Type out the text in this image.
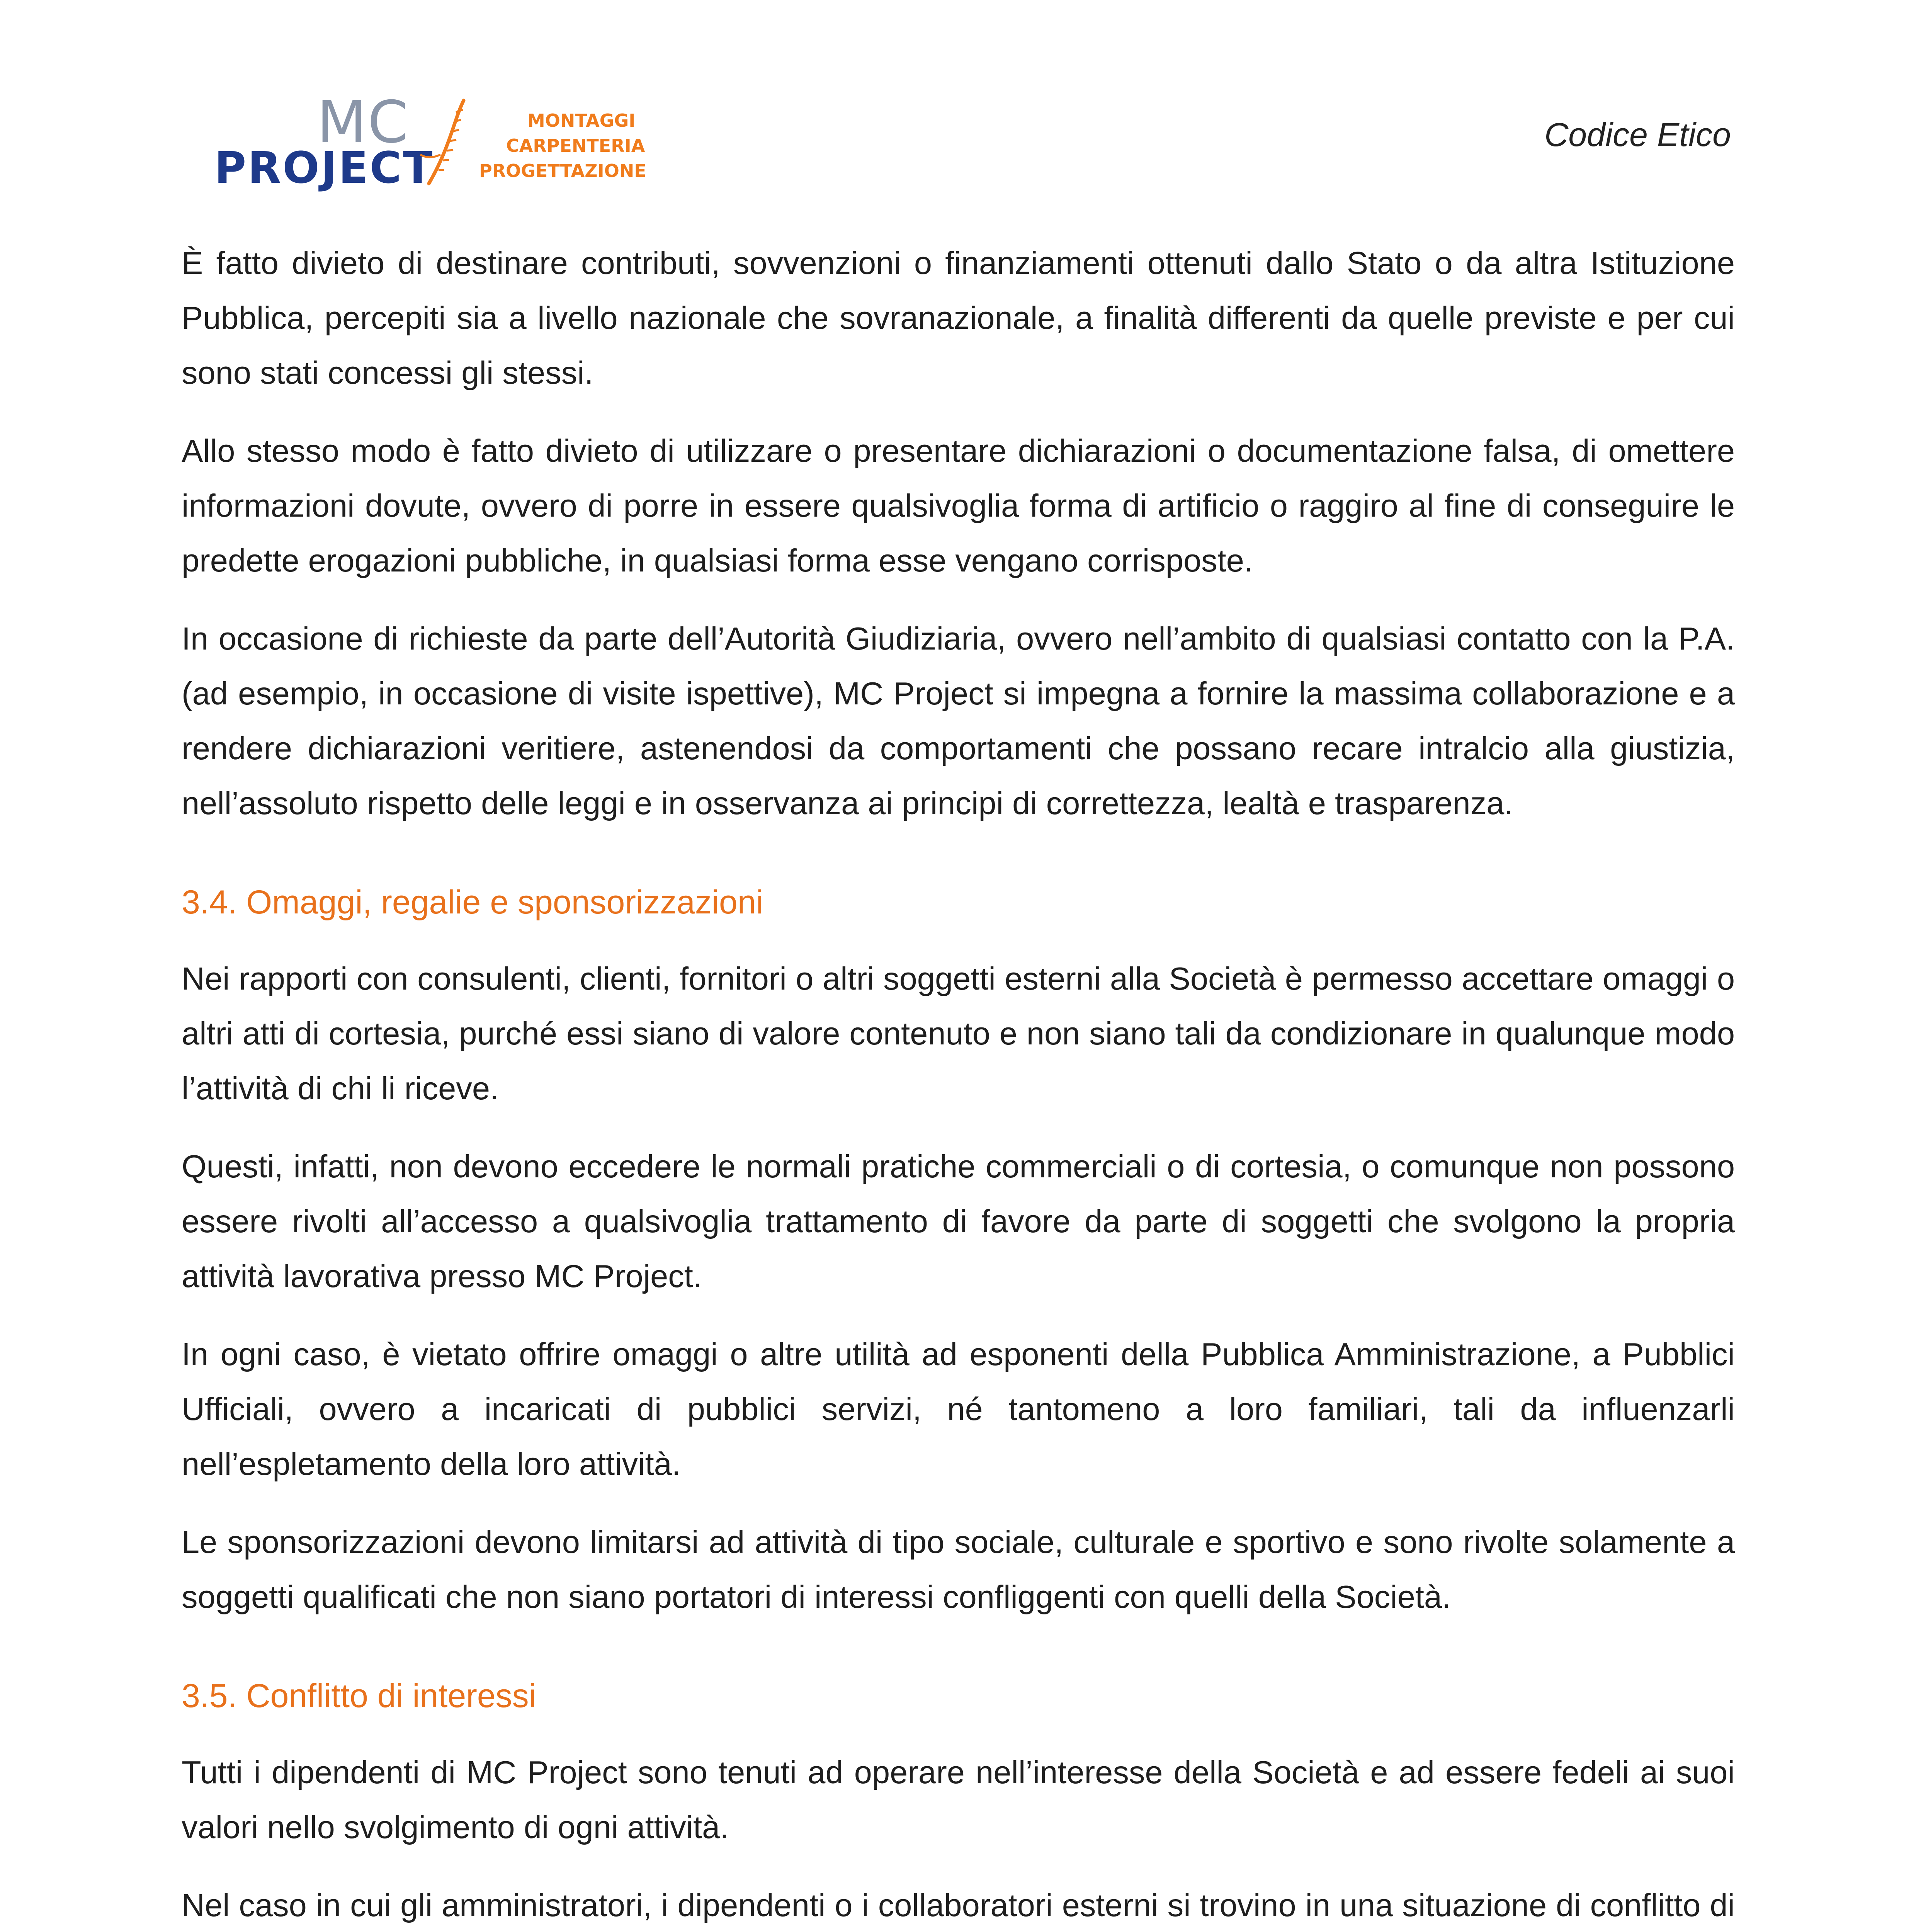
MC
PROJECT
MONTAGGI
CARPENTERIA
PROGETTAZIONE
Codice Etico

È fatto divieto di destinare contributi, sovvenzioni o finanziamenti ottenuti dallo Stato o da altra Istituzione Pubblica, percepiti sia a livello nazionale che sovranazionale, a finalità differenti da quelle previste e per cui sono stati concessi gli stessi.

Allo stesso modo è fatto divieto di utilizzare o presentare dichiarazioni o documentazione falsa, di omettere informazioni dovute, ovvero di porre in essere qualsivoglia forma di artificio o raggiro al fine di conseguire le predette erogazioni pubbliche, in qualsiasi forma esse vengano corrisposte.

In occasione di richieste da parte dell’Autorità Giudiziaria, ovvero nell’ambito di qualsiasi contatto con la P.A. (ad esempio, in occasione di visite ispettive), MC Project si impegna a fornire la massima collaborazione e a rendere dichiarazioni veritiere, astenendosi da comportamenti che possano recare intralcio alla giustizia, nell’assoluto rispetto delle leggi e in osservanza ai principi di correttezza, lealtà e trasparenza.

3.4. Omaggi, regalie e sponsorizzazioni

Nei rapporti con consulenti, clienti, fornitori o altri soggetti esterni alla Società è permesso accettare omaggi o altri atti di cortesia, purché essi siano di valore contenuto e non siano tali da condizionare in qualunque modo l’attività di chi li riceve.

Questi, infatti, non devono eccedere le normali pratiche commerciali o di cortesia, o comunque non possono essere rivolti all’accesso a qualsivoglia trattamento di favore da parte di soggetti che svolgono la propria attività lavorativa presso MC Project.

In ogni caso, è vietato offrire omaggi o altre utilità ad esponenti della Pubblica Amministrazione, a Pubblici Ufficiali, ovvero a incaricati di pubblici servizi, né tantomeno a loro familiari, tali da influenzarli nell’espletamento della loro attività.

Le sponsorizzazioni devono limitarsi ad attività di tipo sociale, culturale e sportivo e sono rivolte solamente a soggetti qualificati che non siano portatori di interessi confliggenti con quelli della Società.

3.5. Conflitto di interessi

Tutti i dipendenti di MC Project sono tenuti ad operare nell’interesse della Società e ad essere fedeli ai suoi valori nello svolgimento di ogni attività.

Nel caso in cui gli amministratori, i dipendenti o i collaboratori esterni si trovino in una situazione di conflitto di
